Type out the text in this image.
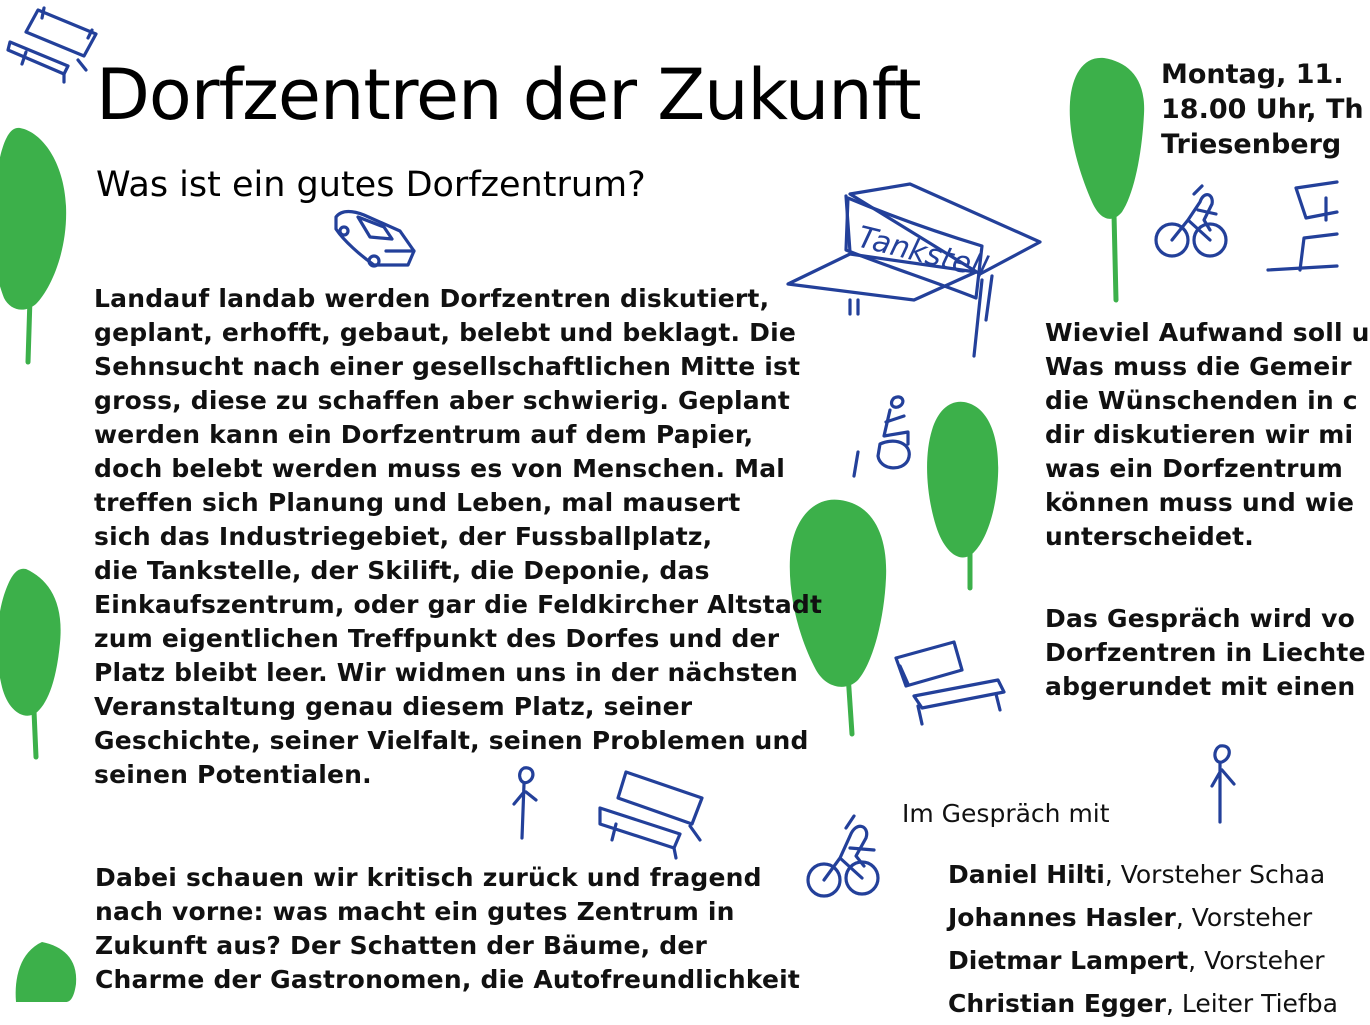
Tankstell
Dorfzentren der Zukunft
Was ist ein gutes Dorfzentrum?
Montag, 11.
18.00 Uhr, Th
Triesenberg

Landauf landab werden Dorfzentren diskutiert,
geplant, erhofft, gebaut, belebt und beklagt. Die
Sehnsucht nach einer gesellschaftlichen Mitte ist
gross, diese zu schaffen aber schwierig. Geplant
werden kann ein Dorfzentrum auf dem Papier,
doch belebt werden muss es von Menschen. Mal
treffen sich Planung und Leben, mal mausert
sich das Industriegebiet, der Fussballplatz,
die Tankstelle, der Skilift, die Deponie, das
Einkaufszentrum, oder gar die Feldkircher Altstadt
zum eigentlichen Treffpunkt des Dorfes und der
Platz bleibt leer. Wir widmen uns in der nächsten
Veranstaltung genau diesem Platz, seiner
Geschichte, seiner Vielfalt, seinen Problemen und
seinen Potentialen.

Dabei schauen wir kritisch zurück und fragend
nach vorne: was macht ein gutes Zentrum in
Zukunft aus? Der Schatten der Bäume, der
Charme der Gastronomen, die Autofreundlichkeit

Wieviel Aufwand soll u
Was muss die Gemeir
die Wünschenden in c
dir diskutieren wir mi
was ein Dorfzentrum
können muss und wie
unterscheidet.

Das Gespräch wird vo
Dorfzentren in Liechte
abgerundet mit einen

Im Gespräch mit
Daniel Hilti, Vorsteher Schaa
Johannes Hasler, Vorsteher
Dietmar Lampert, Vorsteher
Christian Egger, Leiter Tiefba
